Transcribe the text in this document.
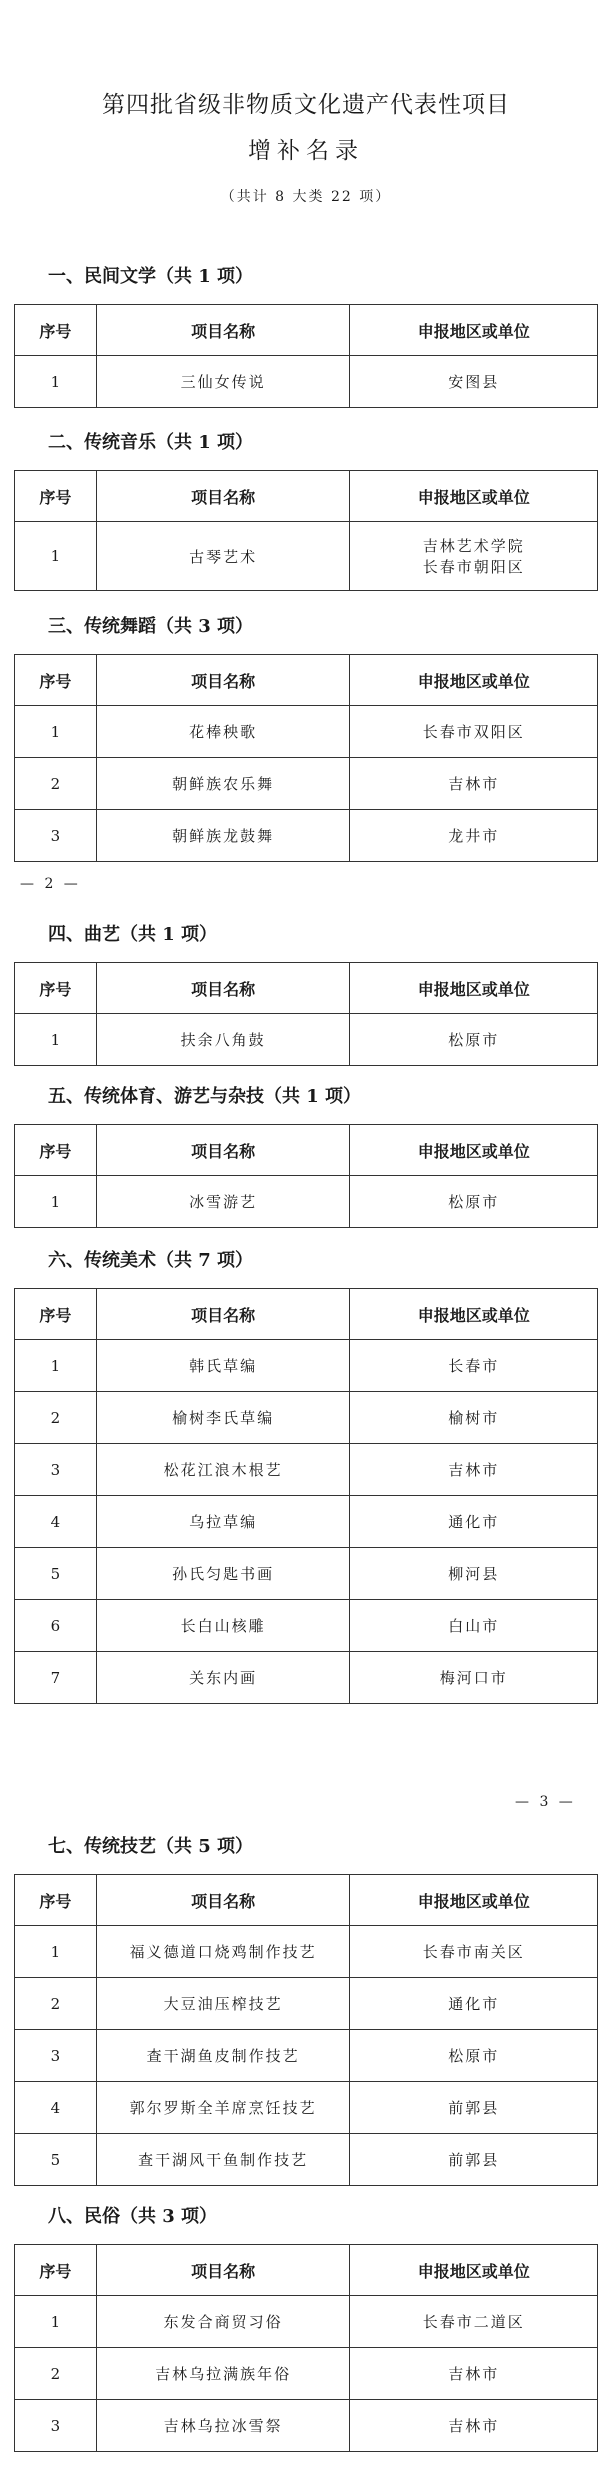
第四批省级非物质文化遗产代表性项目
增补名录
（共计 8 大类 22 项）
一、民间文学（共 1 项）
序号	项目名称	申报地区或单位
1	三仙女传说	安图县
二、传统音乐（共 1 项）
序号	项目名称	申报地区或单位
1	古琴艺术	吉林艺术学院
长春市朝阳区
三、传统舞蹈（共 3 项）
序号	项目名称	申报地区或单位
1	花棒秧歌	长春市双阳区
2	朝鲜族农乐舞	吉林市
3	朝鲜族龙鼓舞	龙井市
— 2 —
四、曲艺（共 1 项）
序号	项目名称	申报地区或单位
1	扶余八角鼓	松原市
五、传统体育、游艺与杂技（共 1 项）
序号	项目名称	申报地区或单位
1	冰雪游艺	松原市
六、传统美术（共 7 项）
序号	项目名称	申报地区或单位
1	韩氏草编	长春市
2	榆树李氏草编	榆树市
3	松花江浪木根艺	吉林市
4	乌拉草编	通化市
5	孙氏匀匙书画	柳河县
6	长白山核雕	白山市
7	关东内画	梅河口市
— 3 —
七、传统技艺（共 5 项）
序号	项目名称	申报地区或单位
1	福义德道口烧鸡制作技艺	长春市南关区
2	大豆油压榨技艺	通化市
3	查干湖鱼皮制作技艺	松原市
4	郭尔罗斯全羊席烹饪技艺	前郭县
5	查干湖风干鱼制作技艺	前郭县
八、民俗（共 3 项）
序号	项目名称	申报地区或单位
1	东发合商贸习俗	长春市二道区
2	吉林乌拉满族年俗	吉林市
3	吉林乌拉冰雪祭	吉林市
